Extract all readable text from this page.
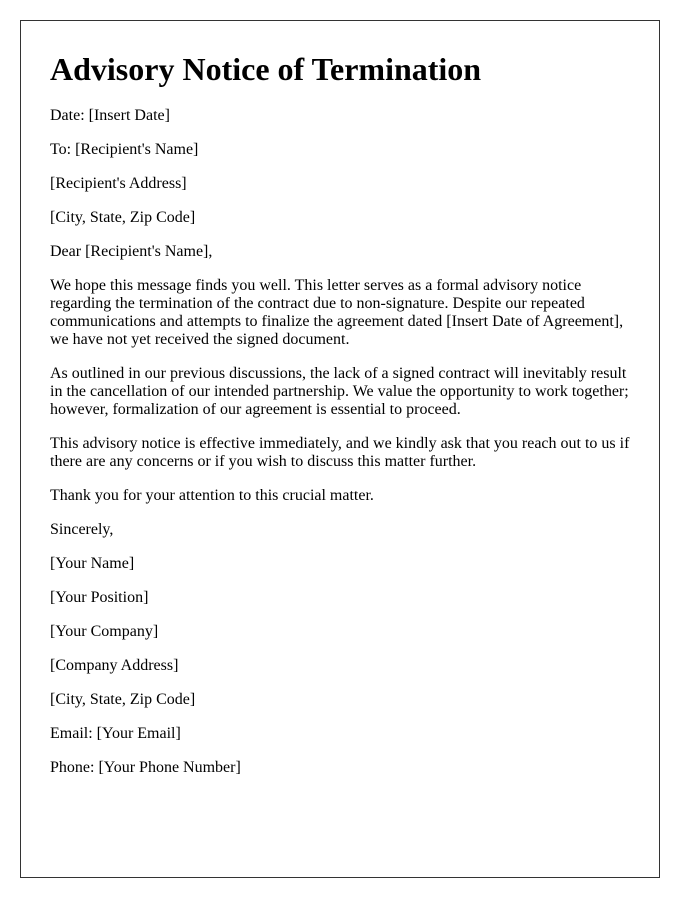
Advisory Notice of Termination

Date: [Insert Date]

To: [Recipient's Name]

[Recipient's Address]

[City, State, Zip Code]

Dear [Recipient's Name],

We hope this message finds you well. This letter serves as a formal advisory notice regarding the termination of the contract due to non-signature. Despite our repeated communications and attempts to finalize the agreement dated [Insert Date of Agreement], we have not yet received the signed document.

As outlined in our previous discussions, the lack of a signed contract will inevitably result in the cancellation of our intended partnership. We value the opportunity to work together; however, formalization of our agreement is essential to proceed.

This advisory notice is effective immediately, and we kindly ask that you reach out to us if there are any concerns or if you wish to discuss this matter further.

Thank you for your attention to this crucial matter.

Sincerely,

[Your Name]

[Your Position]

[Your Company]

[Company Address]

[City, State, Zip Code]

Email: [Your Email]

Phone: [Your Phone Number]
